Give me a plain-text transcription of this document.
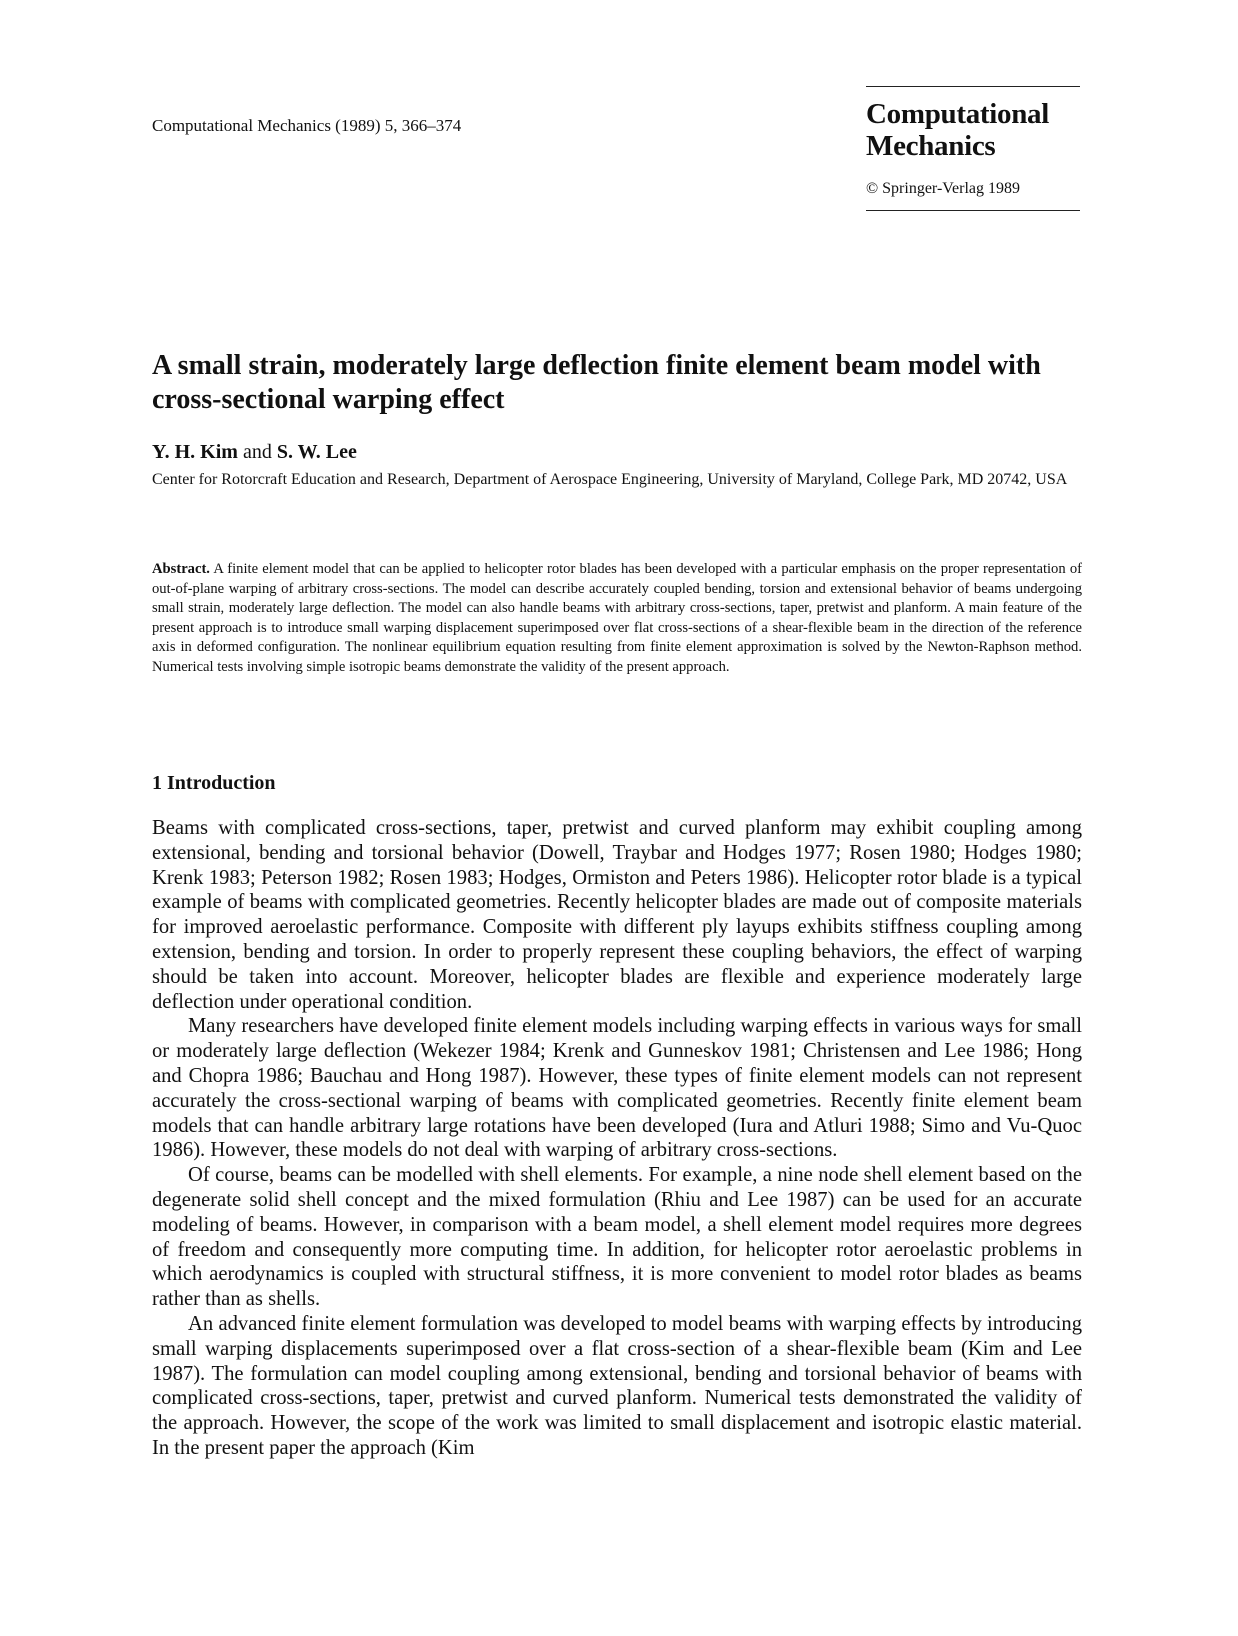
Computational Mechanics (1989) 5, 366–374	Computational
Mechanics
© Springer-Verlag 1989
A small strain, moderately large deflection finite element beam model with cross-sectional warping effect
Y. H. Kim and S. W. Lee
Center for Rotorcraft Education and Research, Department of Aerospace Engineering, University of Maryland, College Park, MD 20742, USA
Abstract. A finite element model that can be applied to helicopter rotor blades has been developed with a particular emphasis on the proper representation of out-of-plane warping of arbitrary cross-sections. The model can describe accurately coupled bending, torsion and extensional behavior of beams undergoing small strain, moderately large deflection. The model can also handle beams with arbitrary cross-sections, taper, pretwist and planform. A main feature of the present approach is to introduce small warping displacement superimposed over flat cross-sections of a shear-flexible beam in the direction of the reference axis in deformed configuration. The nonlinear equilibrium equation resulting from finite element approximation is solved by the Newton-Raphson method. Numerical tests involving simple isotropic beams demonstrate the validity of the present approach.
1 Introduction

Beams with complicated cross-sections, taper, pretwist and curved planform may exhibit coupling among extensional, bending and torsional behavior (Dowell, Traybar and Hodges 1977; Rosen 1980; Hodges 1980; Krenk 1983; Peterson 1982; Rosen 1983; Hodges, Ormiston and Peters 1986). Helicopter rotor blade is a typical example of beams with complicated geometries. Recently helicopter blades are made out of composite materials for improved aeroelastic performance. Composite with different ply layups exhibits stiffness coupling among extension, bending and torsion. In order to properly represent these coupling behaviors, the effect of warping should be taken into account. Moreover, helicopter blades are flexible and experience moderately large deflection under operational condition.

Many researchers have developed finite element models including warping effects in various ways for small or moderately large deflection (Wekezer 1984; Krenk and Gunneskov 1981; Christensen and Lee 1986; Hong and Chopra 1986; Bauchau and Hong 1987). However, these types of finite element models can not represent accurately the cross-sectional warping of beams with complicated geometries. Recently finite element beam models that can handle arbitrary large rotations have been developed (Iura and Atluri 1988; Simo and Vu-Quoc 1986). However, these models do not deal with warping of arbitrary cross-sections.

Of course, beams can be modelled with shell elements. For example, a nine node shell element based on the degenerate solid shell concept and the mixed formulation (Rhiu and Lee 1987) can be used for an accurate modeling of beams. However, in comparison with a beam model, a shell element model requires more degrees of freedom and consequently more computing time. In addition, for helicopter rotor aeroelastic problems in which aerodynamics is coupled with structural stiffness, it is more convenient to model rotor blades as beams rather than as shells.

An advanced finite element formulation was developed to model beams with warping effects by introducing small warping displacements superimposed over a flat cross-section of a shear-flexible beam (Kim and Lee 1987). The formulation can model coupling among extensional, bending and torsional behavior of beams with complicated cross-sections, taper, pretwist and curved planform. Numerical tests demonstrated the validity of the approach. However, the scope of the work was limited to small displacement and isotropic elastic material. In the present paper the approach (Kim
